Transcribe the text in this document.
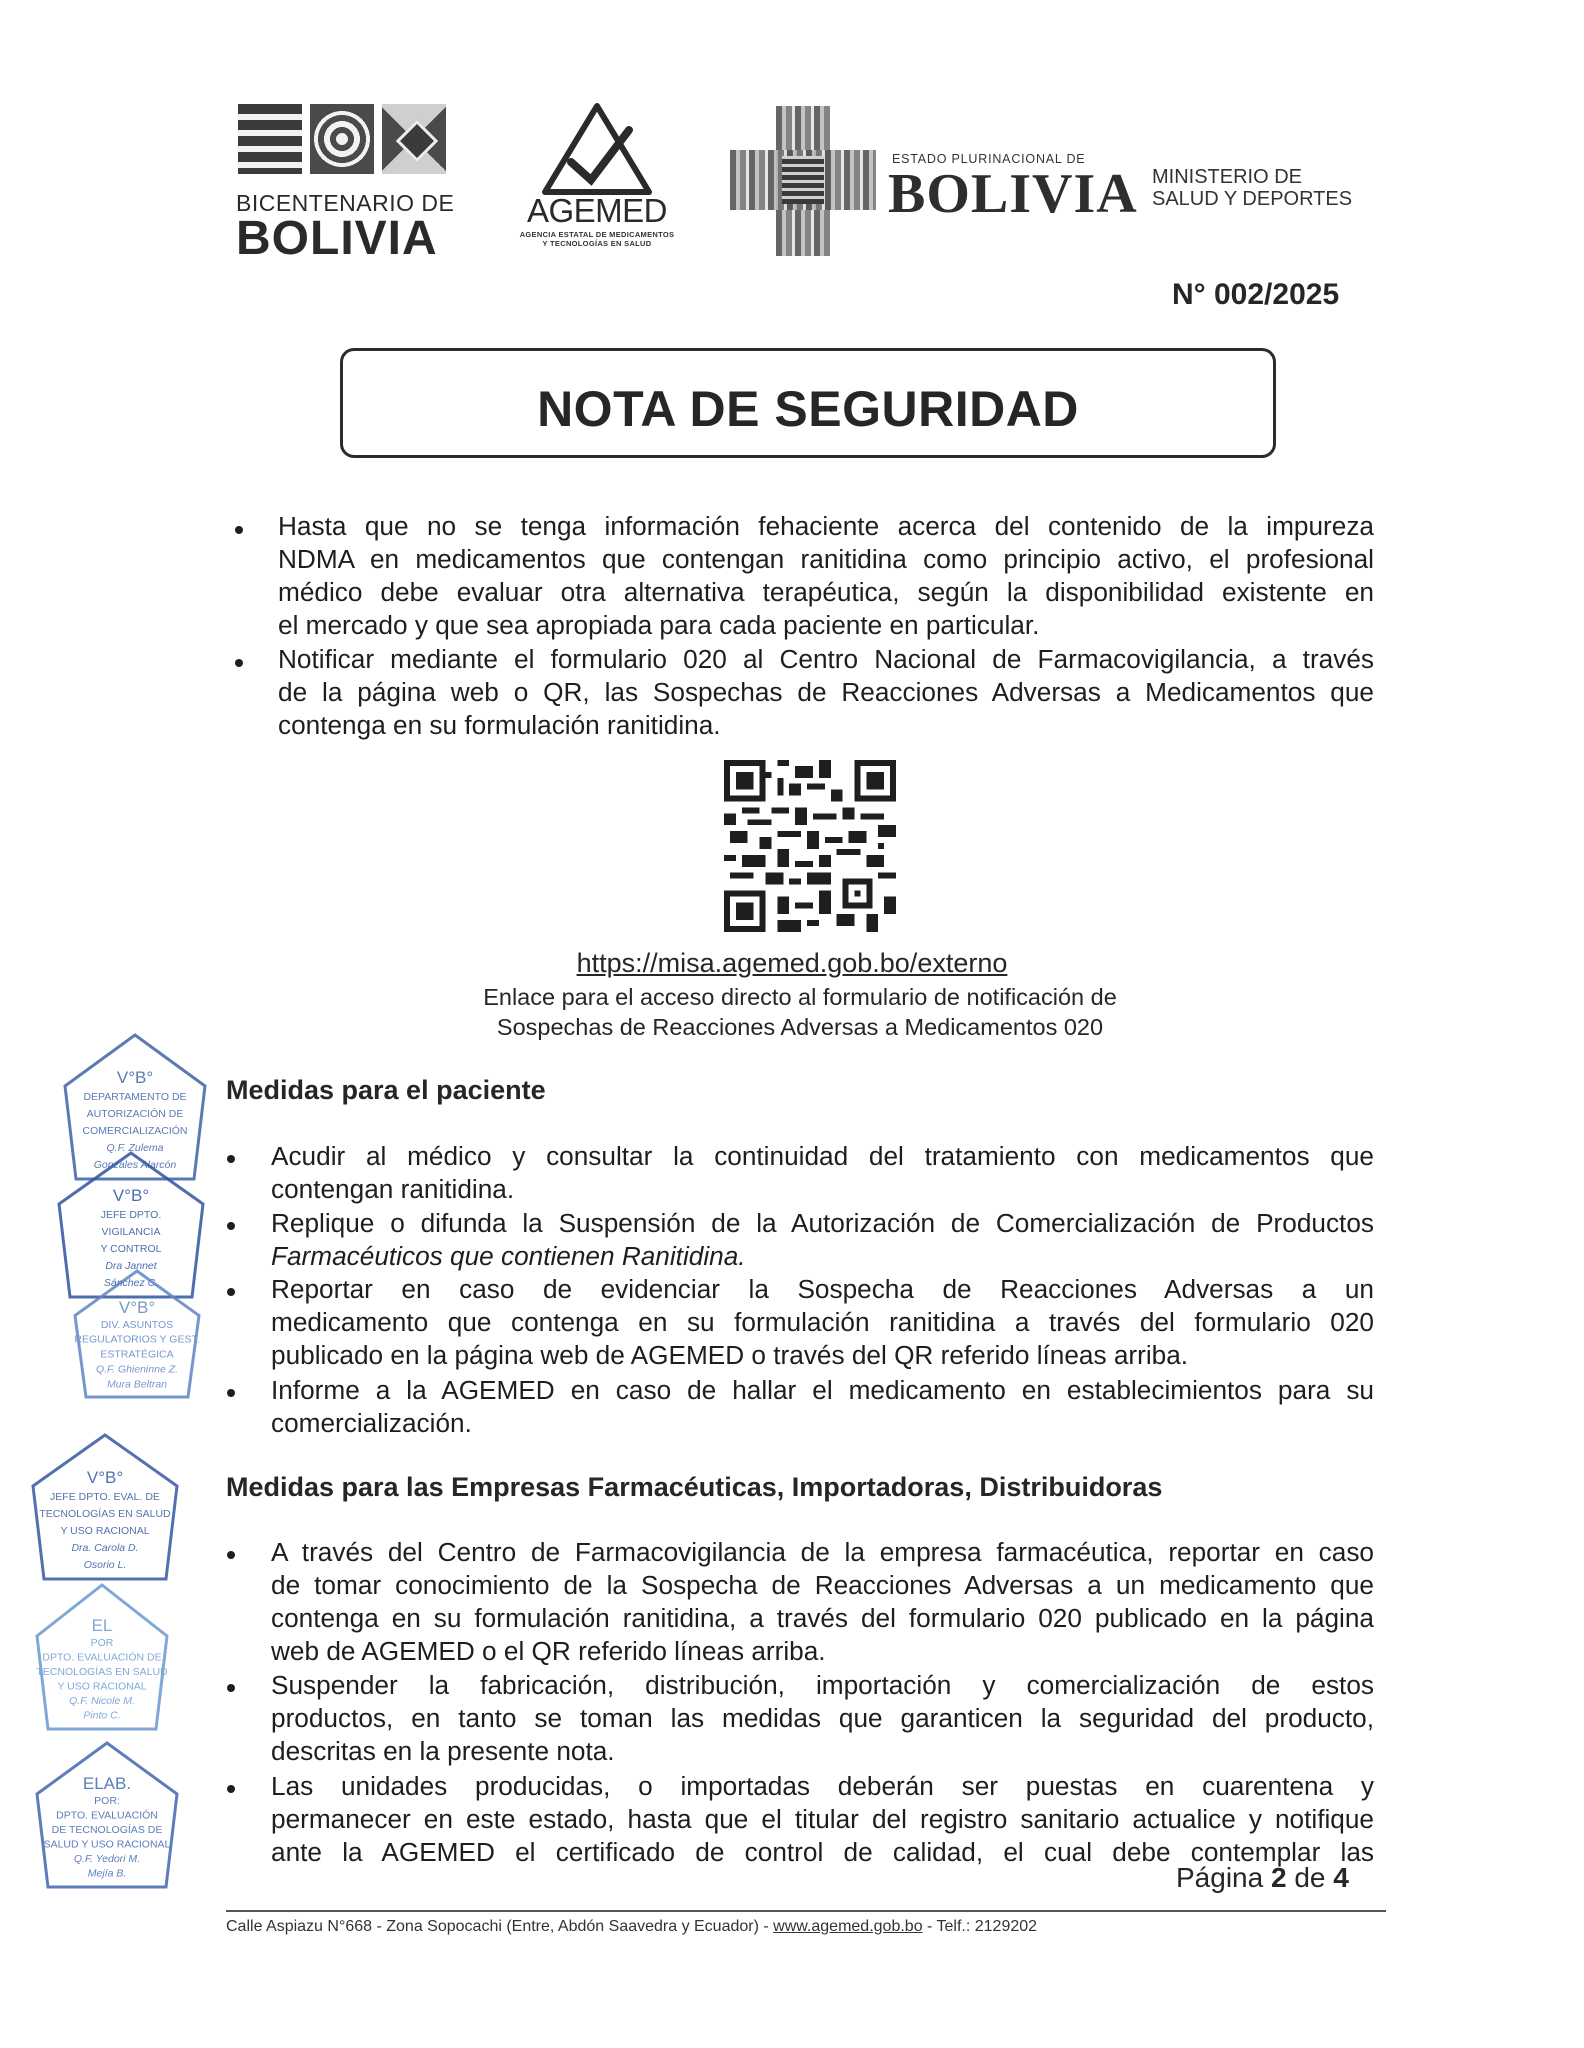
BICENTENARIO DE
BOLIVIA
AGEMED
AGENCIA ESTATAL DE MEDICAMENTOS
Y TECNOLOGÍAS EN SALUD
ESTADO PLURINACIONAL DE
BOLIVIA MINISTERIO DE
SALUD Y DEPORTES
N° 002/2025
NOTA DE SEGURIDAD
Hasta que no se tenga información fehaciente acerca del contenido de la impureza
NDMA en medicamentos que contengan ranitidina como principio activo, el profesional
médico debe evaluar otra alternativa terapéutica, según la disponibilidad existente en
el mercado y que sea apropiada para cada paciente en particular.
Notificar mediante el formulario 020 al Centro Nacional de Farmacovigilancia, a través
de la página web o QR, las Sospechas de Reacciones Adversas a Medicamentos que
contenga en su formulación ranitidina.
https://misa.agemed.gob.bo/externo
Enlace para el acceso directo al formulario de notificación de
Sospechas de Reacciones Adversas a Medicamentos 020
Medidas para el paciente
Acudir al médico y consultar la continuidad del tratamiento con medicamentos que
contengan ranitidina.
Replique o difunda la Suspensión de la Autorización de Comercialización de Productos
Farmacéuticos que contienen Ranitidina.
Reportar en caso de evidenciar la Sospecha de Reacciones Adversas a un
medicamento que contenga en su formulación ranitidina a través del formulario 020
publicado en la página web de AGEMED o través del QR referido líneas arriba.
Informe a la AGEMED en caso de hallar el medicamento en establecimientos para su
comercialización.
Medidas para las Empresas Farmacéuticas, Importadoras, Distribuidoras
A través del Centro de Farmacovigilancia de la empresa farmacéutica, reportar en caso
de tomar conocimiento de la Sospecha de Reacciones Adversas a un medicamento que
contenga en su formulación ranitidina, a través del formulario 020 publicado en la página
web de AGEMED o el QR referido líneas arriba.
Suspender la fabricación, distribución, importación y comercialización de estos
productos, en tanto se toman las medidas que garanticen la seguridad del producto,
descritas en la presente nota.
Las unidades producidas, o importadas deberán ser puestas en cuarentena y
permanecer en este estado, hasta que el titular del registro sanitario actualice y notifique
ante la AGEMED el certificado de control de calidad, el cual debe contemplar las
Página 2 de 4
Calle Aspiazu N°668 - Zona Sopocachi (Entre, Abdón Saavedra y Ecuador) - www.agemed.gob.bo - Telf.: 2129202
V°B°
DEPARTAMENTO DE
AUTORIZACIÓN DE
COMERCIALIZACIÓN
Q.F. Zulema
Gonzales Alarcón
V°B°
JEFE DPTO.
VIGILANCIA
Y CONTROL
Dra Jannet
Sánchez C.
V°B°
DIV. ASUNTOS
REGULATORIOS Y GEST.
ESTRATÉGICA
Q.F. Ghieninne Z.
Mura Beltran
V°B°
JEFE DPTO. EVAL. DE
TECNOLOGÍAS EN SALUD
Y USO RACIONAL
Dra. Carola D.
Osorio L.
EL
POR
DPTO. EVALUACIÓN DE
TECNOLOGÍAS EN SALUD
Y USO RACIONAL
Q.F. Nicole M.
Pinto C.
ELAB.
POR:
DPTO. EVALUACIÓN
DE TECNOLOGÍAS DE
SALUD Y USO RACIONAL
Q.F. Yedori M.
Mejía B.
